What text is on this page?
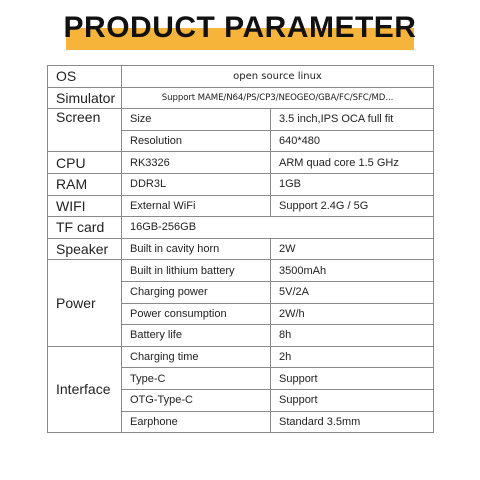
PRODUCT PARAMETER
OS	open source linux	
Simulator	Support MAME/N64/PS/CP3/NEOGEO/GBA/FC/SFC/MD...	
Screen	Size	3.5 inch,IPS OCA full fit
	Resolution	640*480
CPU	RK3326	ARM quad core 1.5 GHz
RAM	DDR3L	1GB
WIFI	External WiFi	Support 2.4G / 5G
TF card	16GB-256GB	
Speaker	Built in cavity horn	2W
Power	Built in lithium battery	3500mAh
	Charging power	5V/2A
	Power consumption	2W/h
	Battery life	8h
Interface	Charging time	2h
	Type-C	Support
	OTG-Type-C	Support
	Earphone	Standard 3.5mm
